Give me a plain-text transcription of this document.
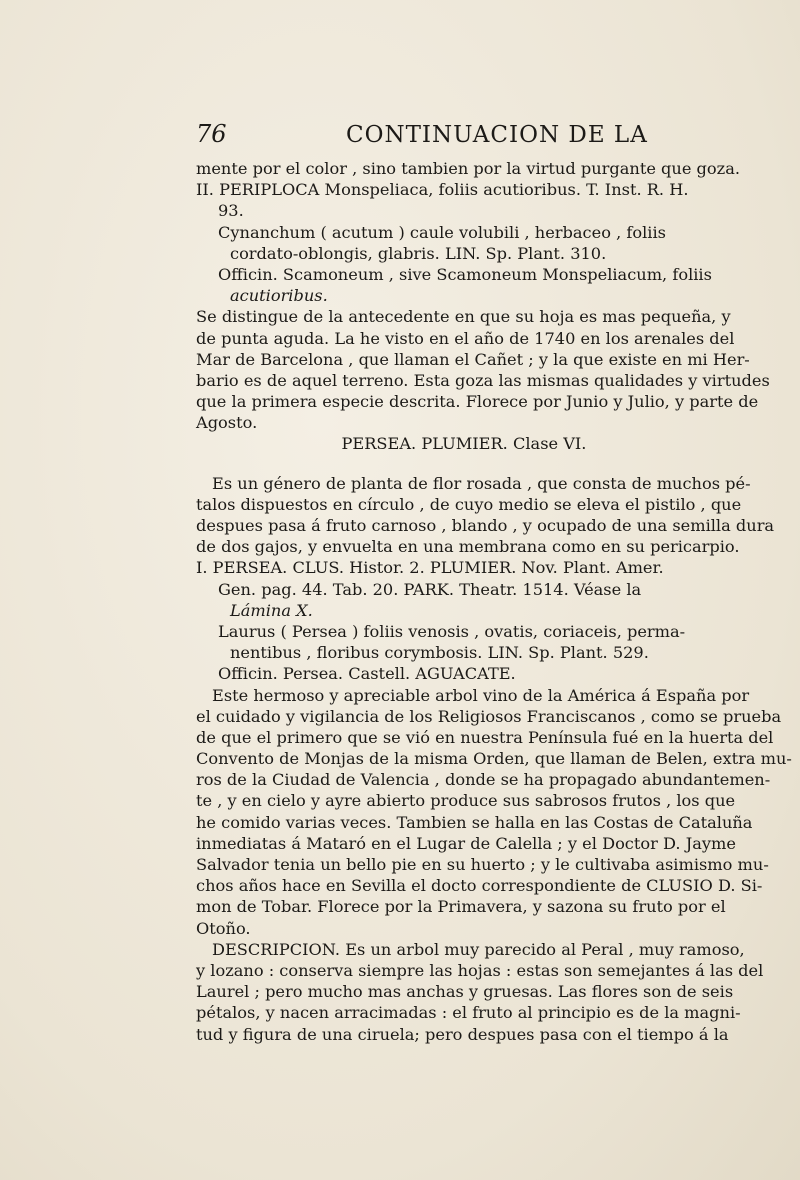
76	CONTINUACION DE LA
mente por el color , sino tambien por la virtud purgante que goza.
II. PERIPLOCA Monspeliaca, foliis acutioribus. T. Inst. R. H.
93.
Cynanchum ( acutum ) caule volubili , herbaceo , foliis
cordato-oblongis, glabris. LIN. Sp. Plant. 310.
Officin. Scamoneum , sive Scamoneum Monspeliacum, foliis
acutioribus.
Se distingue de la antecedente en que su hoja es mas pequeña, y
de punta aguda. La he visto en el año de 1740 en los arenales del
Mar de Barcelona , que llaman el Cañet ; y la que existe en mi Her-
bario es de aquel terreno. Esta goza las mismas qualidades y virtudes
que la primera especie descrita. Florece por Junio y Julio, y parte de
Agosto.
PERSEA. PLUMIER. Clase VI.
Es un género de planta de flor rosada , que consta de muchos pé-
talos dispuestos en círculo , de cuyo medio se eleva el pistilo , que
despues pasa á fruto carnoso , blando , y ocupado de una semilla dura
de dos gajos, y envuelta en una membrana como en su pericarpio.
I. PERSEA. CLUS. Histor. 2. PLUMIER. Nov. Plant. Amer.
Gen. pag. 44. Tab. 20. PARK. Theatr. 1514. Véase la
Lámina X.
Laurus ( Persea ) foliis venosis , ovatis, coriaceis, perma-
nentibus , floribus corymbosis. LIN. Sp. Plant. 529.
Officin. Persea. Castell. AGUACATE.
Este hermoso y apreciable arbol vino de la América á España por
el cuidado y vigilancia de los Religiosos Franciscanos , como se prueba
de que el primero que se vió en nuestra Península fué en la huerta del
Convento de Monjas de la misma Orden, que llaman de Belen, extra mu-
ros de la Ciudad de Valencia , donde se ha propagado abundantemen-
te , y en cielo y ayre abierto produce sus sabrosos frutos , los que
he comido varias veces. Tambien se halla en las Costas de Cataluña
inmediatas á Mataró en el Lugar de Calella ; y el Doctor D. Jayme
Salvador tenia un bello pie en su huerto ; y le cultivaba asimismo mu-
chos años hace en Sevilla el docto correspondiente de CLUSIO D. Si-
mon de Tobar. Florece por la Primavera, y sazona su fruto por el
Otoño.
DESCRIPCION. Es un arbol muy parecido al Peral , muy ramoso,
y lozano : conserva siempre las hojas : estas son semejantes á las del
Laurel ; pero mucho mas anchas y gruesas. Las flores son de seis
pétalos, y nacen arracimadas : el fruto al principio es de la magni-
tud y figura de una ciruela; pero despues pasa con el tiempo á la
